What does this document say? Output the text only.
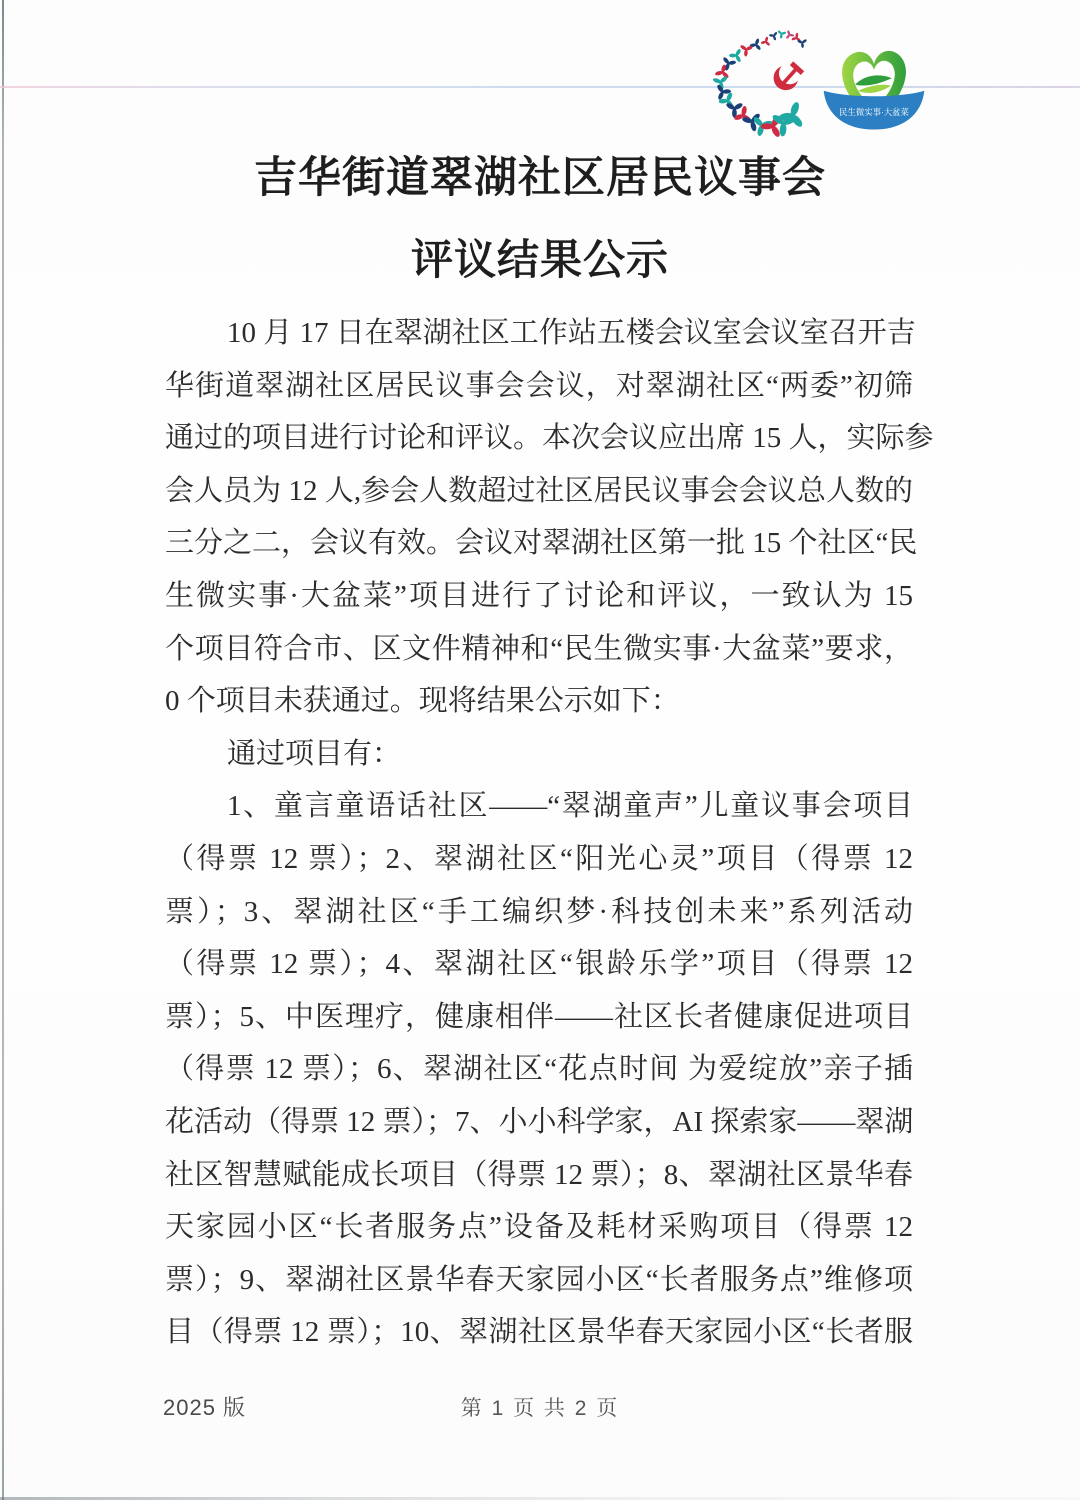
民生微实事·大盆菜
吉华街道翠湖社区居民议事会
评议结果公示
10 月 17 日在翠湖社区工作站五楼会议室会议室召开吉
华街道翠湖社区居民议事会会议，对翠湖社区“两委”初筛
通过的项目进行讨论和评议。本次会议应出席 15 人，实际参
会人员为 12 人,参会人数超过社区居民议事会会议总人数的
三分之二，会议有效。会议对翠湖社区第一批 15 个社区“民
生微实事·大盆菜”项目进行了讨论和评议，一致认为 15
个项目符合市、区文件精神和“民生微实事·大盆菜”要求，
0 个项目未获通过。现将结果公示如下：
通过项目有：
1、童言童语话社区——“翠湖童声”儿童议事会项目
（得票 12 票）；2、翠湖社区“阳光心灵”项目（得票 12
票）；3、翠湖社区“手工编织梦·科技创未来”系列活动
（得票 12 票）；4、翠湖社区“银龄乐学”项目（得票 12
票）；5、中医理疗，健康相伴——社区长者健康促进项目
（得票 12 票）；6、翠湖社区“花点时间 为爱绽放”亲子插
花活动（得票 12 票）；7、小小科学家，AI 探索家——翠湖
社区智慧赋能成长项目（得票 12 票）；8、翠湖社区景华春
天家园小区“长者服务点”设备及耗材采购项目（得票 12
票）；9、翠湖社区景华春天家园小区“长者服务点”维修项
目（得票 12 票）；10、翠湖社区景华春天家园小区“长者服
2025 版	第 1 页 共 2 页
